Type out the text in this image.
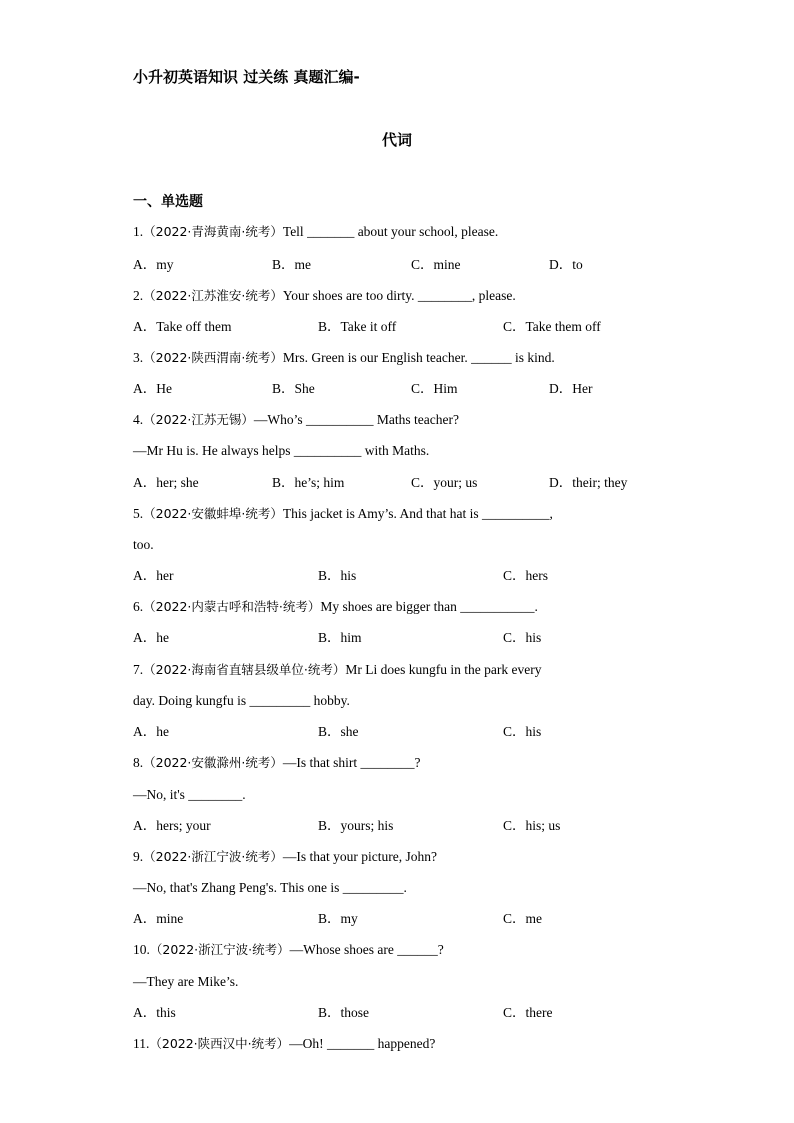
小升初英语知识 过关练 真题汇编-
代词
一、单选题
1.（2022·青海黄南·统考）Tell _______ about your school, please.
A．my	B．me	C．mine	D．to
2.（2022·江苏淮安·统考）Your shoes are too dirty. ________, please.
A．Take off them	B．Take it off	C．Take them off
3.（2022·陕西渭南·统考）Mrs. Green is our English teacher. ______ is kind.
A．He	B．She	C．Him	D．Her
4.（2022·江苏无锡）—Who’s __________ Maths teacher?
—Mr Hu is. He always helps __________ with Maths.
A．her; she	B．he’s; him	C．your; us	D．their; they
5.（2022·安徽蚌埠·统考）This jacket is Amy’s. And that hat is __________,
too.
A．her	B．his	C．hers
6.（2022·内蒙古呼和浩特·统考）My shoes are bigger than ___________.
A．he	B．him	C．his
7.（2022·海南省直辖县级单位·统考）Mr Li does kungfu in the park every
day. Doing kungfu is _________ hobby.
A．he	B．she	C．his
8.（2022·安徽滁州·统考）—Is that shirt ________?
—No, it's ________.
A．hers; your	B．yours; his	C．his; us
9.（2022·浙江宁波·统考）—Is that your picture, John?
—No, that's Zhang Peng's. This one is _________.
A．mine	B．my	C．me
10.（2022·浙江宁波·统考）—Whose shoes are ______?
—They are Mike’s.
A．this	B．those	C．there
11.（2022·陕西汉中·统考）—Oh! _______ happened?
